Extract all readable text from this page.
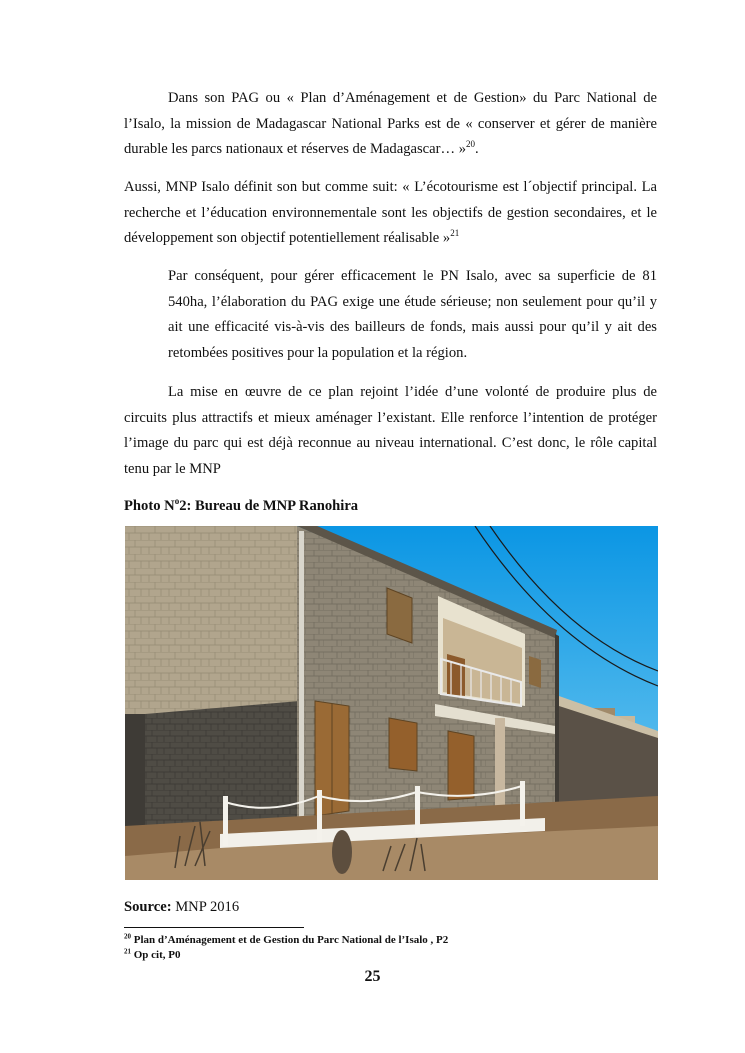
Dans son PAG ou « Plan d’Aménagement et de Gestion» du Parc National de l’Isalo, la mission de Madagascar National Parks est de « conserver et gérer de manière durable les parcs nationaux et réserves de Madagascar… »$^{20}$.

Aussi, MNP Isalo définit son but comme suit: « L’écotourisme est l´objectif principal. La recherche et l’éducation environnementale sont les objectifs de gestion secondaires, et le développement son objectif potentiellement réalisable »$^{21}$

Par conséquent, pour gérer efficacement le PN Isalo, avec sa superficie de 81 540ha, l’élaboration du PAG exige une étude sérieuse; non seulement pour qu’il y ait une efficacité vis-à-vis des bailleurs de fonds, mais aussi pour qu’il y ait des retombées positives pour la population et la région.

La mise en œuvre de ce plan rejoint l’idée d’une volonté de produire plus de circuits plus attractifs et mieux aménager l’existant. Elle renforce l’intention de protéger l’image du parc qui est déjà reconnue au niveau international. C’est donc, le rôle capital tenu par le MNP

Photo $N^o2$: Bureau de MNP Ranohira

Source: MNP 2016

$^{20}$ Plan d’Aménagement et de Gestion du Parc National de l’Isalo , P2

$^{21}$ Op cit, P0

25
